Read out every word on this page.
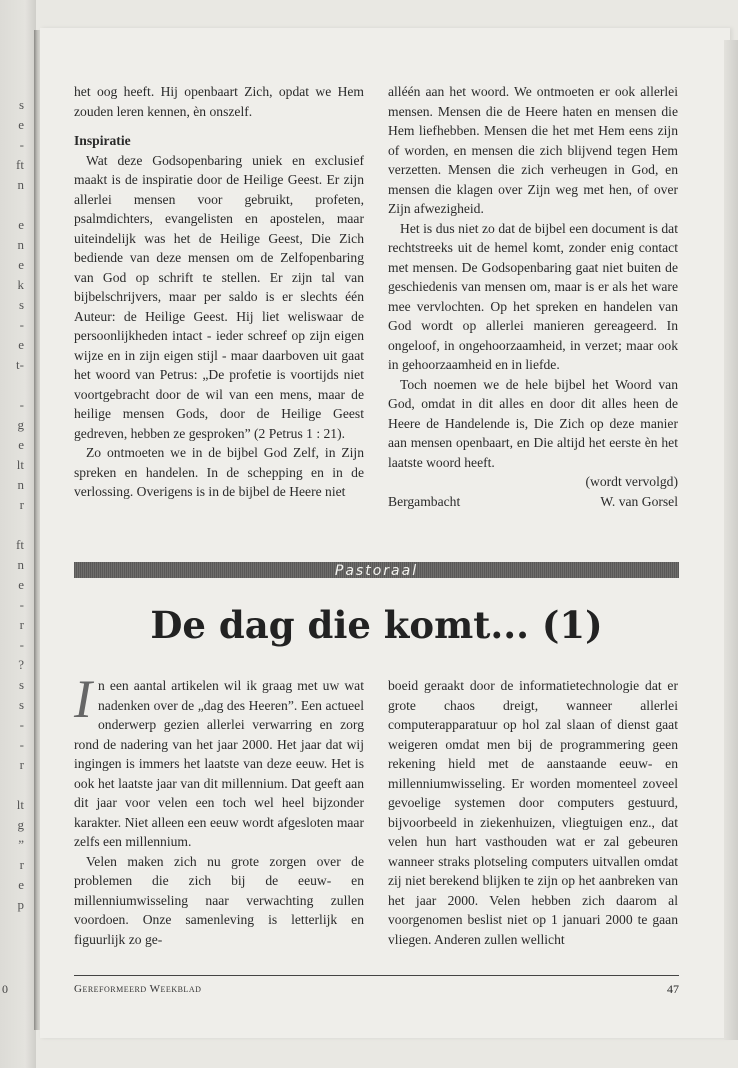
s
e
-
ft
n
e
n
e
k
s
-
e
t-
-
g
e
lt
n
r
ft
n
e
-
r
-
?
s
s
-
-
r
lt
g
”
r
e
p
0

het oog heeft. Hij openbaart Zich, opdat we Hem zouden leren kennen, èn onszelf.

Inspiratie

Wat deze Godsopenbaring uniek en exclusief maakt is de inspiratie door de Heilige Geest. Er zijn allerlei mensen voor gebruikt, profeten, psalmdichters, evangelisten en apostelen, maar uiteindelijk was het de Heilige Geest, Die Zich bediende van deze mensen om de Zelfopenbaring van God op schrift te stellen. Er zijn tal van bijbelschrijvers, maar per saldo is er slechts één Auteur: de Heilige Geest. Hij liet weliswaar de persoonlijkheden intact - ieder schreef op zijn eigen wijze en in zijn eigen stijl - maar daarboven uit gaat het woord van Petrus: „De profetie is voortijds niet voortgebracht door de wil van een mens, maar de heilige mensen Gods, door de Heilige Geest gedreven, hebben ze gesproken” (2 Petrus 1 : 21).

Zo ontmoeten we in de bijbel God Zelf, in Zijn spreken en handelen. In de schepping en in de verlossing. Overigens is in de bijbel de Heere niet

alléén aan het woord. We ontmoeten er ook allerlei mensen. Mensen die de Heere haten en mensen die Hem liefhebben. Mensen die het met Hem eens zijn of worden, en mensen die zich blijvend tegen Hem verzetten. Mensen die zich verheugen in God, en mensen die klagen over Zijn weg met hen, of over Zijn afwezigheid.

Het is dus niet zo dat de bijbel een document is dat rechtstreeks uit de hemel komt, zonder enig contact met mensen. De Godsopenbaring gaat niet buiten de geschiedenis van mensen om, maar is er als het ware mee vervlochten. Op het spreken en handelen van God wordt op allerlei manieren gereageerd. In ongeloof, in ongehoorzaamheid, in verzet; maar ook in gehoorzaamheid en in liefde.

Toch noemen we de hele bijbel het Woord van God, omdat in dit alles en door dit alles heen de Heere de Handelende is, Die Zich op deze manier aan mensen openbaart, en Die altijd het eerste èn het laatste woord heeft.

(wordt vervolgd)
Bergambacht	W. van Gorsel
Pastoraal
De dag die komt... (1)

In een aantal artikelen wil ik graag met uw wat nadenken over de „dag des Heeren”. Een actueel onderwerp gezien allerlei verwarring en zorg rond de nadering van het jaar 2000. Het jaar dat wij ingingen is immers het laatste van deze eeuw. Het is ook het laatste jaar van dit millennium. Dat geeft aan dit jaar voor velen een toch wel heel bijzonder karakter. Niet alleen een eeuw wordt afgesloten maar zelfs een millennium.

Velen maken zich nu grote zorgen over de problemen die zich bij de eeuw- en millenniumwisseling naar verwachting zullen voordoen. Onze samenleving is letterlijk en figuurlijk zo ge-

boeid geraakt door de informatietechnologie dat er grote chaos dreigt, wanneer allerlei computerapparatuur op hol zal slaan of dienst gaat weigeren omdat men bij de programmering geen rekening hield met de aanstaande eeuw- en millenniumwisseling. Er worden momenteel zoveel gevoelige systemen door computers gestuurd, bijvoorbeeld in ziekenhuizen, vliegtuigen enz., dat velen hun hart vasthouden wat er zal gebeuren wanneer straks plotseling computers uitvallen omdat zij niet berekend blijken te zijn op het aanbreken van het jaar 2000. Velen hebben zich daarom al voorgenomen beslist niet op 1 januari 2000 te gaan vliegen. Anderen zullen wellicht

Gereformeerd Weekblad	47
